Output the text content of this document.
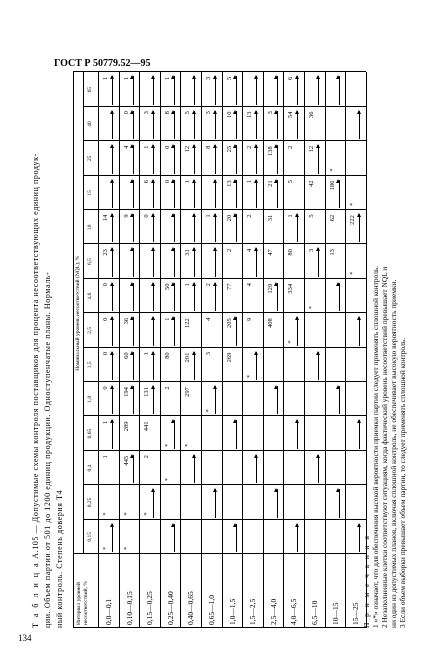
ГОСТ Р 50779.52—95
134
Т а б л и ц а А.105 — Допустимые схемы контроля поставщиков для процента несоответствующих единиц продук- ции. Объем партии от 501 до 1200 единиц продукции. Одноступенчатые планы. Нормаль- ный контроль. Степень доверия Т4	Интервал уровней несоответствий, %
Номинальный уровень несоответствий (NQL), %
0,15
0,25
0,4
0,65
1,0
1,5
2,5
4,0
6,5
10
15
25
40
65
0,0—0,1 0,10—0,15 0,15—0,25 0,25—0,40 0,40—0,65 0,65—1,0 1,0—1,5 1,5—2,5 2,5—4,0 4,0—6,5 6,5—10 10—15 15—25
*
*
1
1
0
0
0
0
23
14
1
*
*
445
289
194
60
36
9
4
0
1
*
2
441
131
1
0
6
1
3
*
*
2
80
1
50
0
0
8
1
*
297
201
122
1
31
1
12
5
*
3
4
2
1
8
3
3
269
205
77
2
20
13
25
10
5
*
9
4
4
2
1
2
13
408
129
47
31
21
138
3
*
334
80
1
5
2
54
6
*
3
5
42
12
36
13
62
186
*
*
222
*
П р и м е ч а н и я 1 «*» означает, что для обеспечения высокой вероятности приемки партии следует применять сплошной контроль. 2 Незаполненные клетки соответствуют ситуациям, когда фактический уровень несоответствий превышает NQL и ни один из допустимых планов, включая сплошной контроль, не обеспечивает высокую вероятность приемки. 3 Если объем выборки превышает объем партии, то следует применять сплошной контроль.
